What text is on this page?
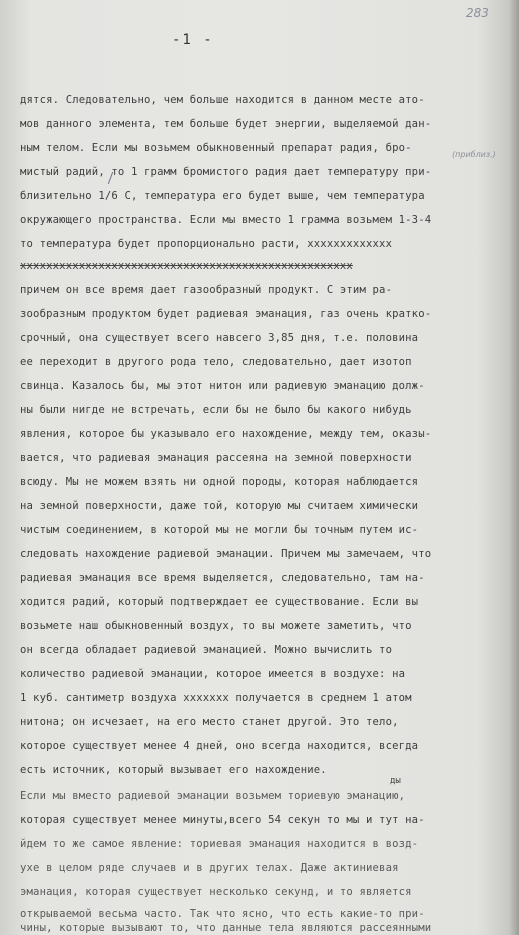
283
-1 -
(приблиз.)
ды
дятся. Следовательно, чем больше находится в данном месте ато-
мов данного элемента, тем больше будет энергии, выделяемой дан-
ным телом. Если мы возьмем обыкновенный препарат радия, бро-
мистый радий, то 1 грамм бромистого радия дает температуру при-
близительно 1/6 С, температура его будет выше, чем температура
окружающего пространства. Если мы вместо 1 грамма возьмем 1-3-4
то температура будет пропорционально расти, ххххххххххххх
ххххххххххххххххххххххххххххххххххххххххххххххххххх
причем он все время дает газообразный продукт. С этим ра-
зообразным продуктом будет радиевая эманация, газ очень кратко-
срочный, она существует всего навсего 3,85 дня, т.е. половина
ее переходит в другого рода тело, следовательно, дает изотоп
свинца. Казалось бы, мы этот нитон или радиевую эманацию долж-
ны были нигде не встречать, если бы не было бы какого нибудь
явления, которое бы указывало его нахождение, между тем, оказы-
вается, что радиевая эманация рассеяна на земной поверхности
всюду. Мы не можем взять ни одной породы, которая наблюдается
на земной поверхности, даже той, которую мы считаем химически
чистым соединением, в которой мы не могли бы точным путем ис-
следовать нахождение радиевой эманации. Причем мы замечаем, что
радиевая эманация все время выделяется, следовательно, там на-
ходится радий, который подтверждает ее существование. Если вы
возьмете наш обыкновенный воздух, то вы можете заметить, что
он всегда обладает радиевой эманацией. Можно вычислить то
количество радиевой эманации, которое имеется в воздухе: на
1 куб. сантиметр воздуха ххххххх получается в среднем 1 атом
нитона; он исчезает, на его место станет другой. Это тело,
которое существует менее 4 дней, оно всегда находится, всегда
есть источник, который вызывает его нахождение.
Если мы вместо радиевой эманации возьмем ториевую эманацию,
которая существует менее минуты,всего 54 секун то мы и тут на-
йдем то же самое явление: ториевая эманация находится в возд-
ухе в целом ряде случаев и в других телах. Даже актиниевая
эманация, которая существует несколько секунд, и то является
открываемой весьма часто. Так что ясно, что есть какие-то при-
чины, которые вызывают то, что данные тела являются рассеянными
